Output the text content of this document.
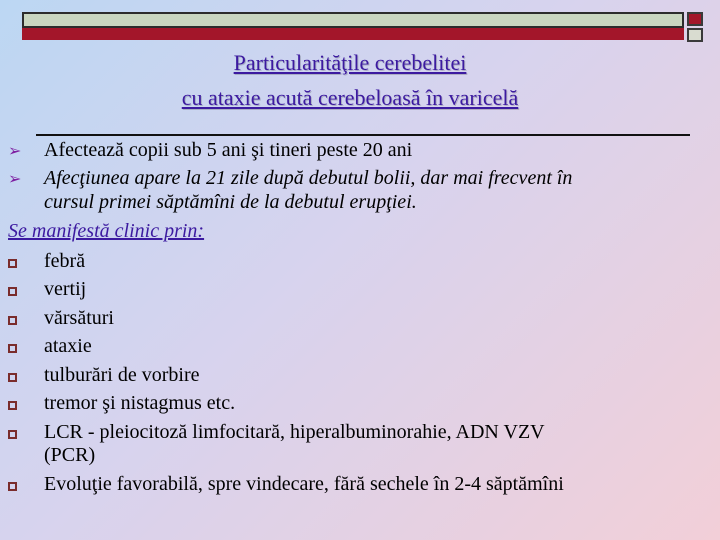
Particularităţile cerebelitei
cu ataxie acută cerebeloasă în varicelă
➢ Afectează copii sub 5 ani şi tineri peste 20 ani
➢ Afecţiunea apare la 21 zile după debutul bolii, dar mai frecvent în
cursul primei săptămîni de la debutul erupţiei.
Se manifestă clinic prin:
febră
vertij
vărsături
ataxie
tulburări de vorbire
tremor şi nistagmus etc.
LCR - pleiocitoză limfocitară, hiperalbuminorahie, ADN VZV
(PCR)
Evoluţie favorabilă, spre vindecare, fără sechele în 2-4 săptămîni
